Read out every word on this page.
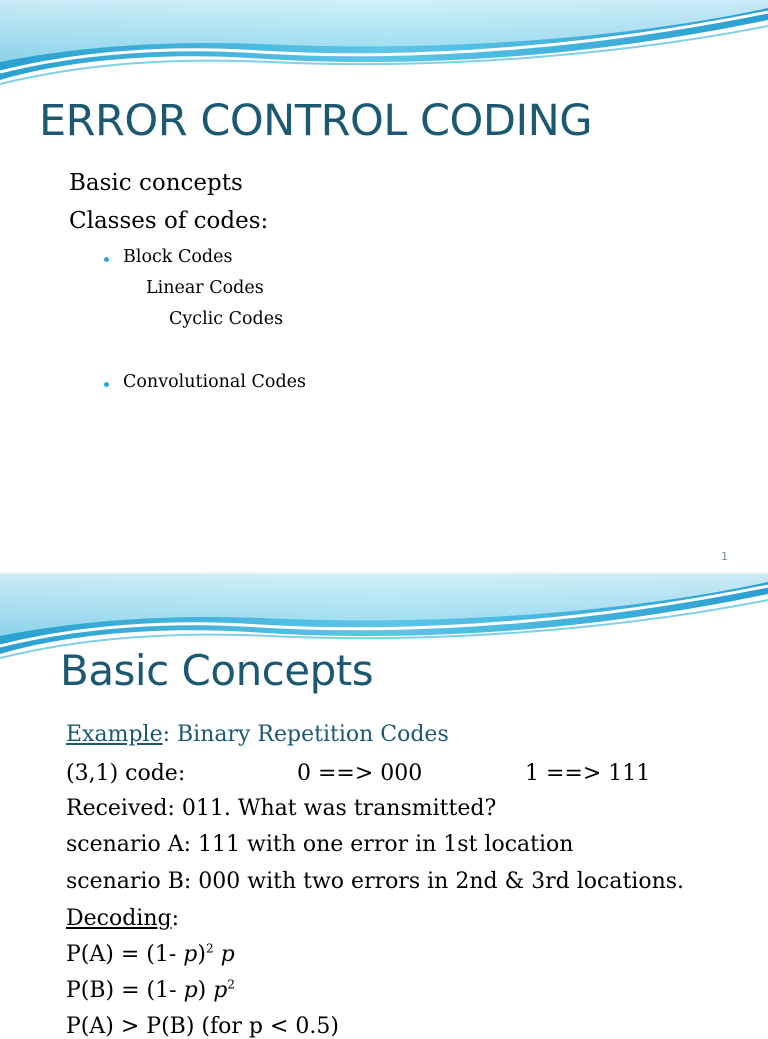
ERROR CONTROL CODING
Basic concepts
Classes of codes:
Block Codes
Linear Codes
Cyclic Codes
Convolutional Codes
1
Basic Concepts
Example: Binary Repetition Codes
(3,1) code:	0 ==> 000	1 ==> 111
Received: 011. What was transmitted?
scenario A: 111 with one error in 1st location
scenario B: 000 with two errors in 2nd & 3rd locations.
Decoding:
P(A) = (1- p)$^2$ p
P(B) = (1- p) $p^2$
P(A) > P(B) (for p < 0.5)
